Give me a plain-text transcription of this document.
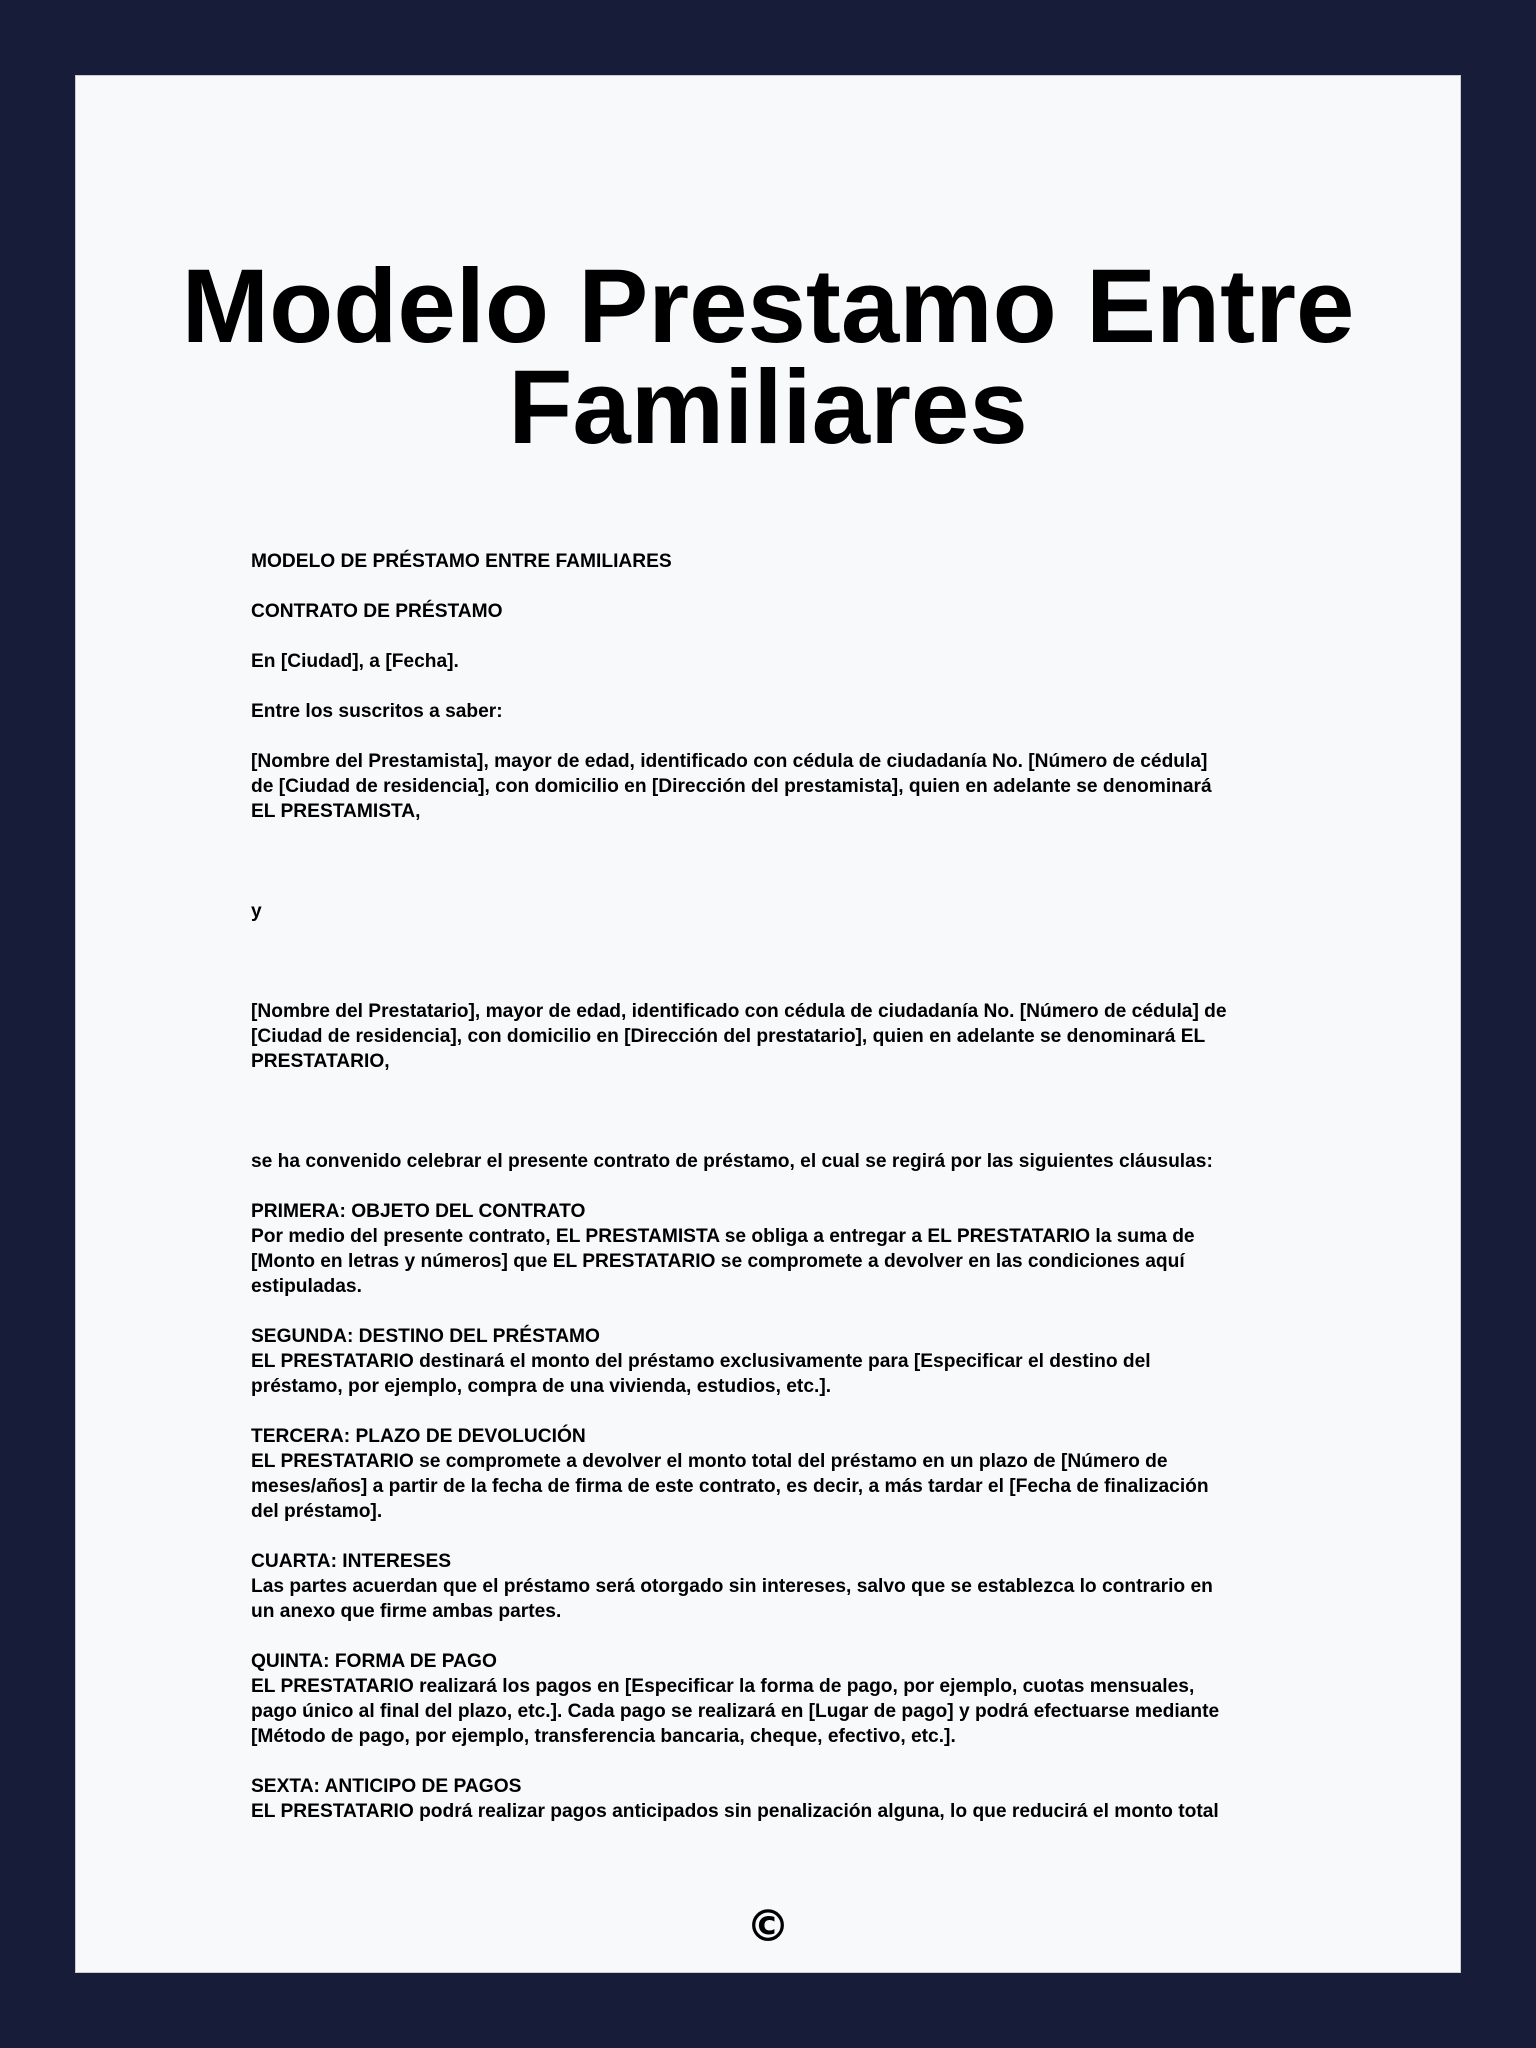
Modelo Prestamo Entre
Familiares

MODELO DE PRÉSTAMO ENTRE FAMILIARES

CONTRATO DE PRÉSTAMO

En [Ciudad], a [Fecha].

Entre los suscritos a saber:

[Nombre del Prestamista], mayor de edad, identificado con cédula de ciudadanía No. [Número de cédula]
de [Ciudad de residencia], con domicilio en [Dirección del prestamista], quien en adelante se denominará
EL PRESTAMISTA,

y

[Nombre del Prestatario], mayor de edad, identificado con cédula de ciudadanía No. [Número de cédula] de
[Ciudad de residencia], con domicilio en [Dirección del prestatario], quien en adelante se denominará EL
PRESTATARIO,

se ha convenido celebrar el presente contrato de préstamo, el cual se regirá por las siguientes cláusulas:

PRIMERA: OBJETO DEL CONTRATO
Por medio del presente contrato, EL PRESTAMISTA se obliga a entregar a EL PRESTATARIO la suma de
[Monto en letras y números] que EL PRESTATARIO se compromete a devolver en las condiciones aquí
estipuladas.

SEGUNDA: DESTINO DEL PRÉSTAMO
EL PRESTATARIO destinará el monto del préstamo exclusivamente para [Especificar el destino del
préstamo, por ejemplo, compra de una vivienda, estudios, etc.].

TERCERA: PLAZO DE DEVOLUCIÓN
EL PRESTATARIO se compromete a devolver el monto total del préstamo en un plazo de [Número de
meses/años] a partir de la fecha de firma de este contrato, es decir, a más tardar el [Fecha de finalización
del préstamo].

CUARTA: INTERESES
Las partes acuerdan que el préstamo será otorgado sin intereses, salvo que se establezca lo contrario en
un anexo que firme ambas partes.

QUINTA: FORMA DE PAGO
EL PRESTATARIO realizará los pagos en [Especificar la forma de pago, por ejemplo, cuotas mensuales,
pago único al final del plazo, etc.]. Cada pago se realizará en [Lugar de pago] y podrá efectuarse mediante
[Método de pago, por ejemplo, transferencia bancaria, cheque, efectivo, etc.].

SEXTA: ANTICIPO DE PAGOS
EL PRESTATARIO podrá realizar pagos anticipados sin penalización alguna, lo que reducirá el monto total

©
